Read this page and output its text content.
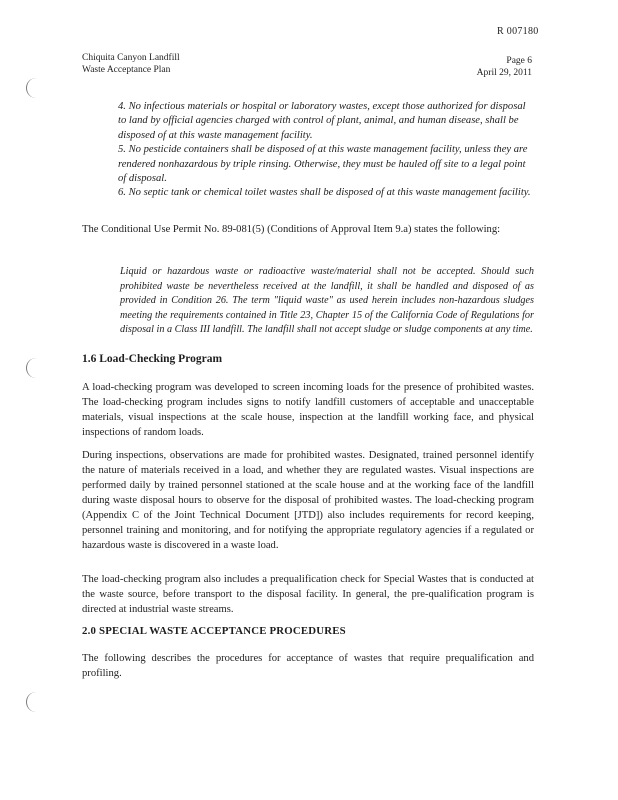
R 007180
Chiquita Canyon Landfill
Waste Acceptance Plan
Page 6
April 29, 2011

4. No infectious materials or hospital or laboratory wastes, except those authorized for disposal to land by official agencies charged with control of plant, animal, and human disease, shall be disposed of at this waste management facility.

5. No pesticide containers shall be disposed of at this waste management facility, unless they are rendered nonhazardous by triple rinsing. Otherwise, they must be hauled off site to a legal point of disposal.

6. No septic tank or chemical toilet wastes shall be disposed of at this waste management facility.

The Conditional Use Permit No. 89-081(5) (Conditions of Approval Item 9.a) states the following:
Liquid or hazardous waste or radioactive waste/material shall not be accepted. Should such prohibited waste be nevertheless received at the landfill, it shall be handled and disposed of as provided in Condition 26. The term "liquid waste" as used herein includes non-hazardous sludges meeting the requirements contained in Title 23, Chapter 15 of the California Code of Regulations for disposal in a Class III landfill. The landfill shall not accept sludge or sludge components at any time.
1.6 Load-Checking Program
A load-checking program was developed to screen incoming loads for the presence of prohibited wastes. The load-checking program includes signs to notify landfill customers of acceptable and unacceptable materials, visual inspections at the scale house, inspection at the landfill working face, and physical inspections of random loads.
During inspections, observations are made for prohibited wastes. Designated, trained personnel identify the nature of materials received in a load, and whether they are regulated wastes. Visual inspections are performed daily by trained personnel stationed at the scale house and at the working face of the landfill during waste disposal hours to observe for the disposal of prohibited wastes. The load-checking program (Appendix C of the Joint Technical Document [JTD]) also includes requirements for record keeping, personnel training and monitoring, and for notifying the appropriate regulatory agencies if a regulated or hazardous waste is discovered in a waste load.
The load-checking program also includes a prequalification check for Special Wastes that is conducted at the waste source, before transport to the disposal facility. In general, the pre-qualification program is directed at industrial waste streams.
2.0 SPECIAL WASTE ACCEPTANCE PROCEDURES
The following describes the procedures for acceptance of wastes that require prequalification and profiling.
